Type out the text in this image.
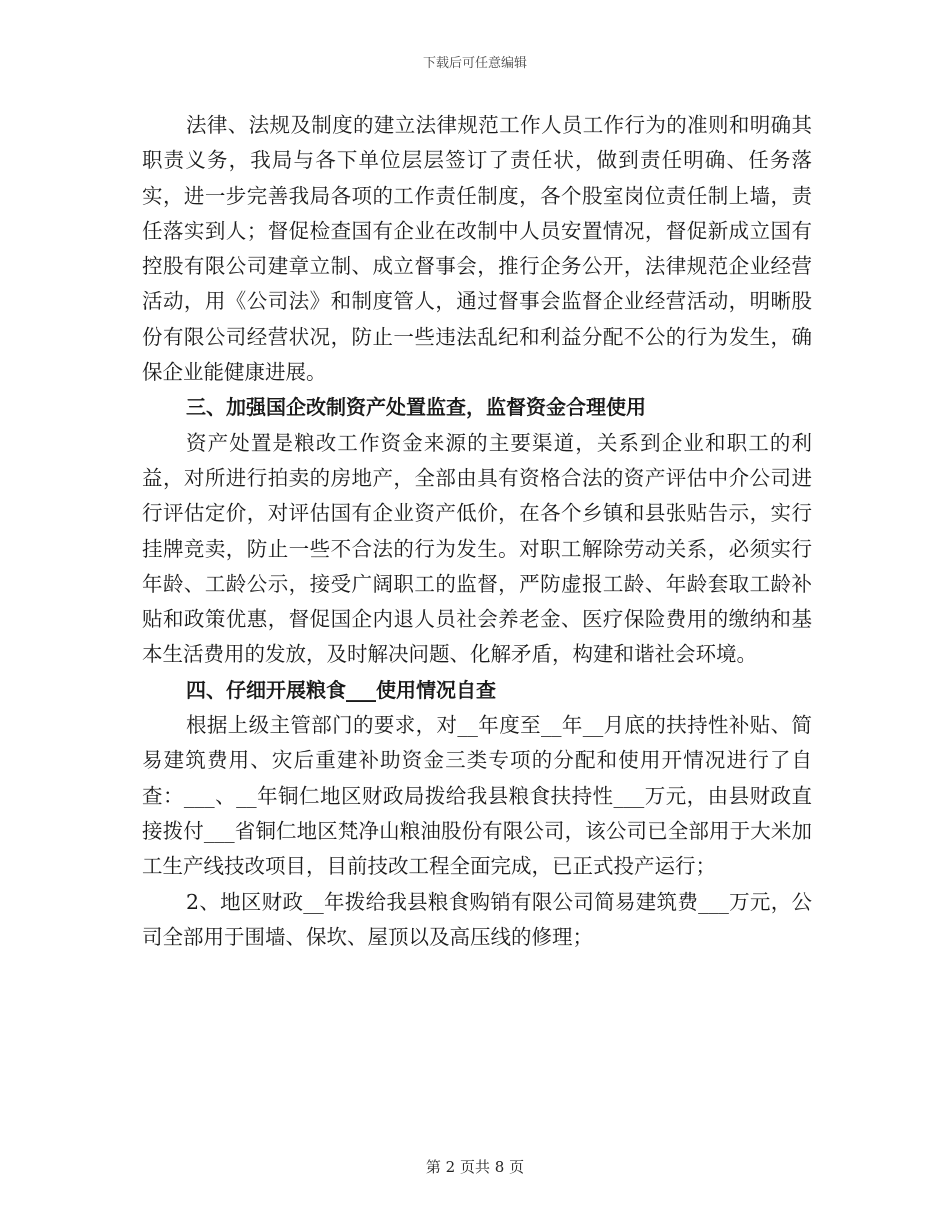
下载后可任意编辑

法律、法规及制度的建立法律规范工作人员工作行为的准则和明确其职责义务，我局与各下单位层层签订了责任状，做到责任明确、任务落实，进一步完善我局各项的工作责任制度，各个股室岗位责任制上墙，责任落实到人；督促检查国有企业在改制中人员安置情况，督促新成立国有控股有限公司建章立制、成立督事会，推行企务公开，法律规范企业经营活动，用《公司法》和制度管人，通过督事会监督企业经营活动，明晰股份有限公司经营状况，防止一些违法乱纪和利益分配不公的行为发生，确保企业能健康进展。

三、加强国企改制资产处置监查，监督资金合理使用

资产处置是粮改工作资金来源的主要渠道，关系到企业和职工的利益，对所进行拍卖的房地产，全部由具有资格合法的资产评估中介公司进行评估定价，对评估国有企业资产低价，在各个乡镇和县张贴告示，实行挂牌竞卖，防止一些不合法的行为发生。对职工解除劳动关系，必须实行年龄、工龄公示，接受广阔职工的监督，严防虚报工龄、年龄套取工龄补贴和政策优惠，督促国企内退人员社会养老金、医疗保险费用的缴纳和基本生活费用的发放，及时解决问题、化解矛盾，构建和谐社会环境。

四、仔细开展粮食___使用情况自查

根据上级主管部门的要求，对__年度至__年__月底的扶持性补贴、简易建筑费用、灾后重建补助资金三类专项的分配和使用开情况进行了自查：___、__年铜仁地区财政局拨给我县粮食扶持性___万元，由县财政直接拨付___省铜仁地区梵净山粮油股份有限公司，该公司已全部用于大米加工生产线技改项目，目前技改工程全面完成，已正式投产运行；

2、地区财政__年拨给我县粮食购销有限公司简易建筑费___万元，公司全部用于围墙、保坎、屋顶以及高压线的修理；

第 2 页共 8 页
